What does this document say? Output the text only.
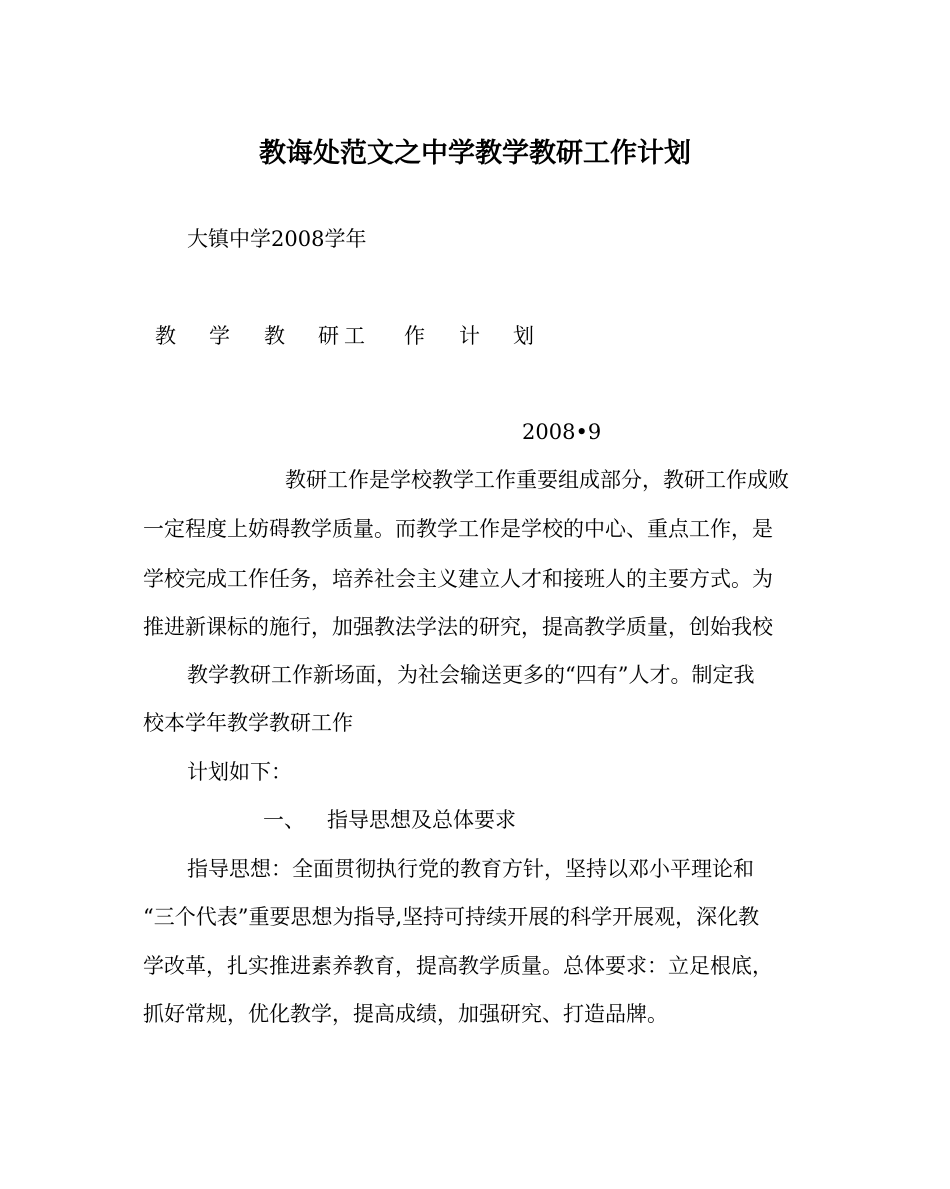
教诲处范文之中学教学教研工作计划

大镇中学2008学年

教 学 教 研 工 作 计 划

2008•9

教研工作是学校教学工作重要组成部分，教研工作成败

一定程度上妨碍教学质量。而教学工作是学校的中心、重点工作，是

学校完成工作任务，培养社会主义建立人才和接班人的主要方式。为

推进新课标的施行，加强教法学法的研究，提高教学质量，创始我校

教学教研工作新场面，为社会输送更多的“四有”人才。制定我

校本学年教学教研工作

计划如下：

一、 指导思想及总体要求

指导思想：全面贯彻执行党的教育方针，坚持以邓小平理论和

“三个代表”重要思想为指导,坚持可持续开展的科学开展观，深化教

学改革，扎实推进素养教育，提高教学质量。总体要求：立足根底，

抓好常规，优化教学，提高成绩，加强研究、打造品牌。
